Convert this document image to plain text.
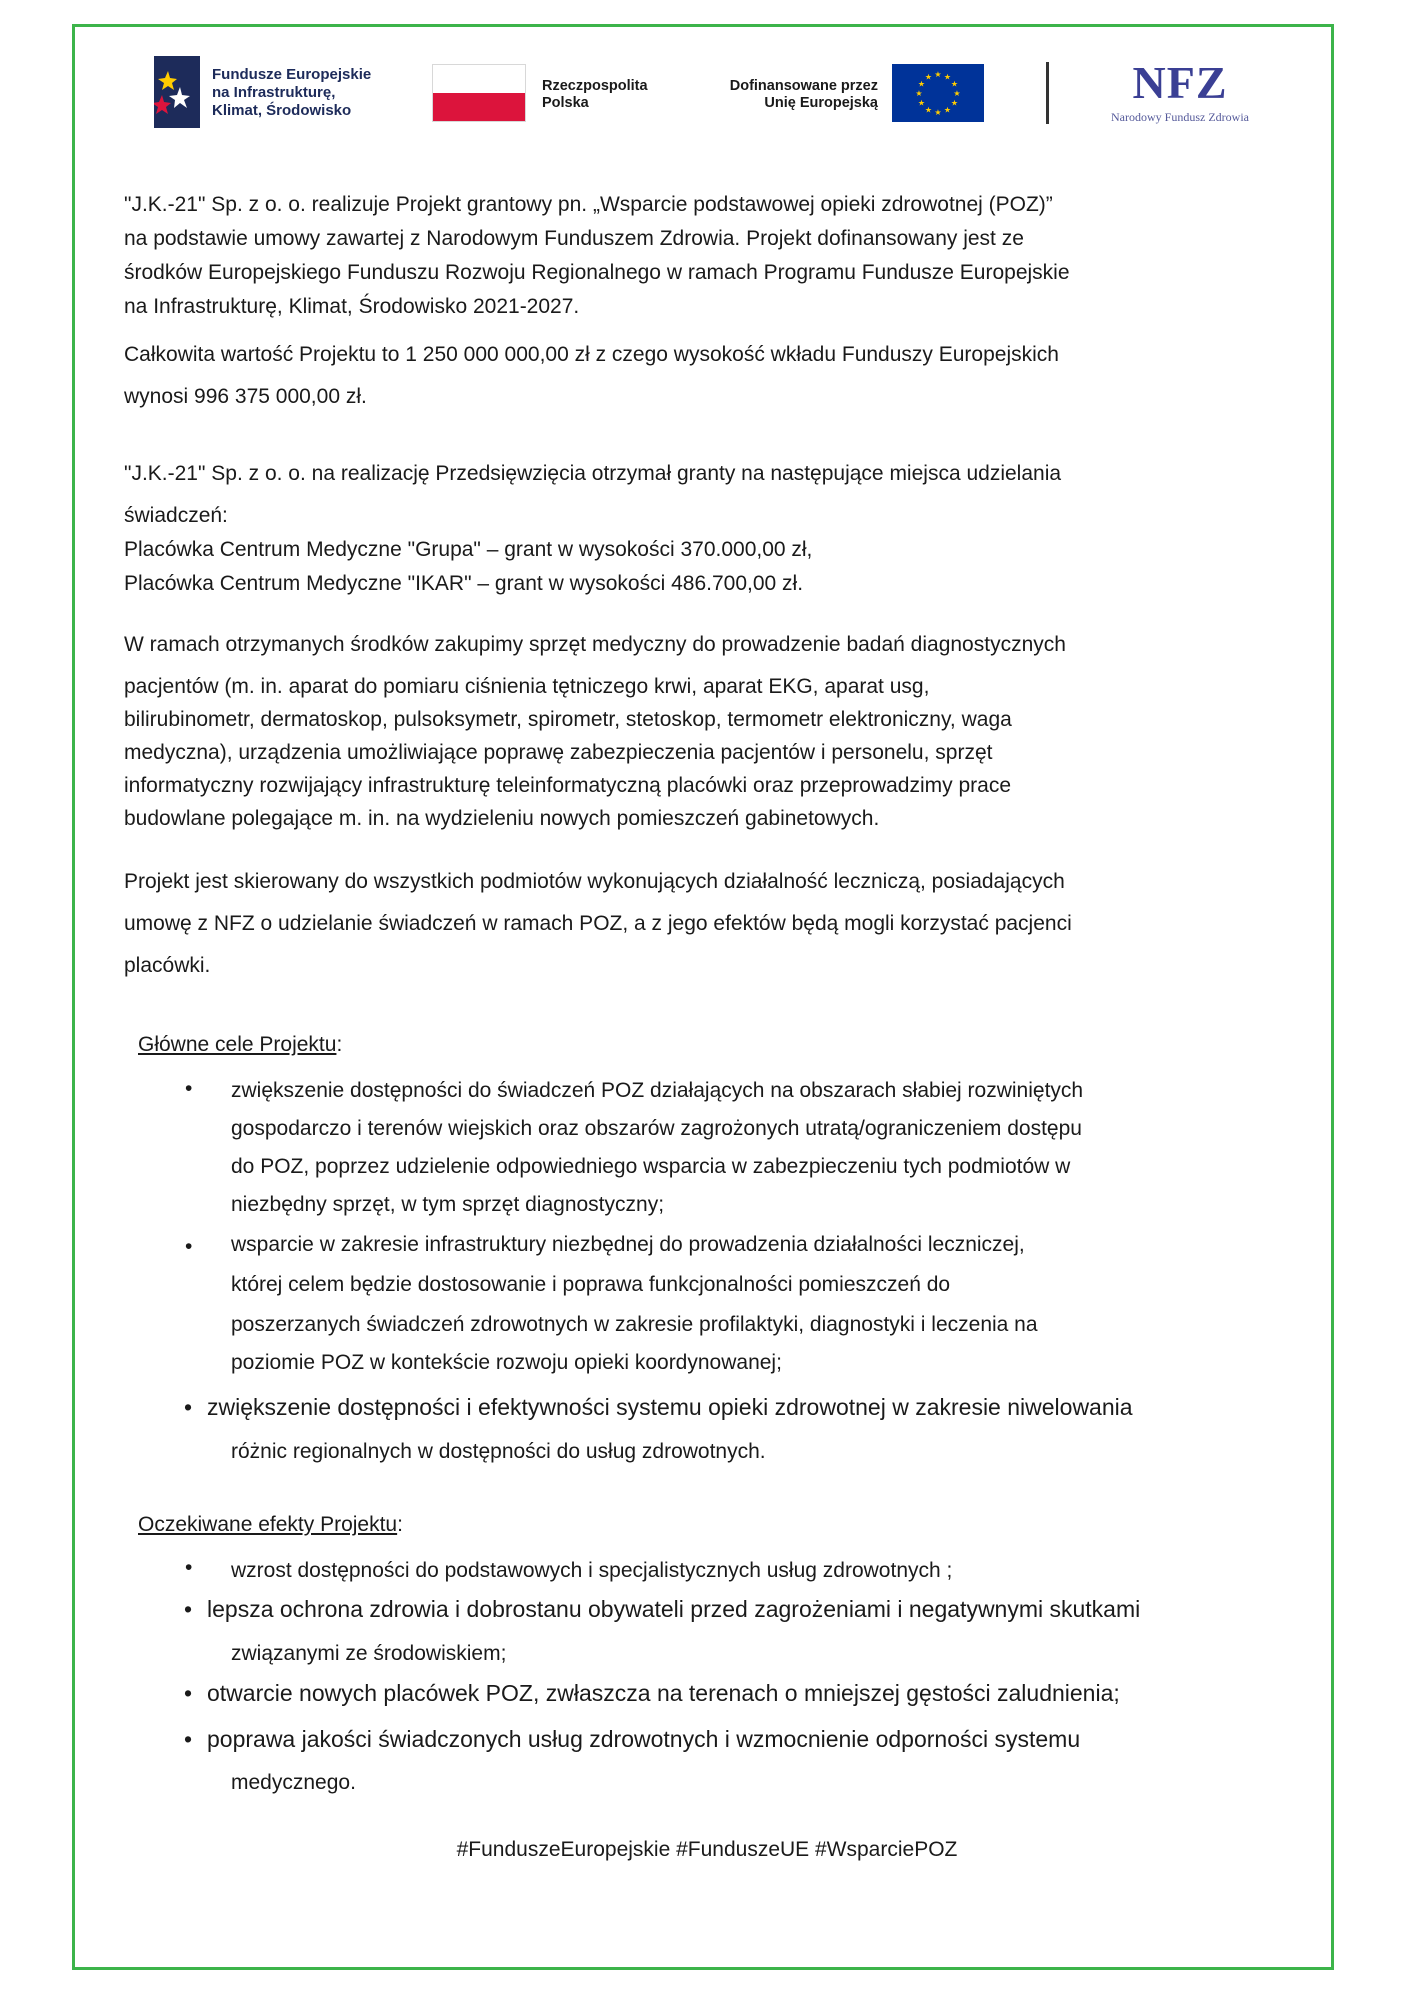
Fundusze Europejskie
na Infrastrukturę,
Klimat, Środowisko
Rzeczpospolita
Polska
Dofinansowane przez
Unię Europejską
★
★
★
★
★
★
★
★
★ ★ ★
★	NFZ
Narodowy Fundusz Zdrowia
"J.K.-21" Sp. z o. o. realizuje Projekt grantowy pn. „Wsparcie podstawowej opieki zdrowotnej (POZ)”
na podstawie umowy zawartej z Narodowym Funduszem Zdrowia. Projekt dofinansowany jest ze
środków Europejskiego Funduszu Rozwoju Regionalnego w ramach Programu Fundusze Europejskie
na Infrastrukturę, Klimat, Środowisko 2021-2027.
Całkowita wartość Projektu to 1 250 000 000,00 zł z czego wysokość wkładu Funduszy Europejskich
wynosi 996 375 000,00 zł.
"J.K.-21" Sp. z o. o. na realizację Przedsięwzięcia otrzymał granty na następujące miejsca udzielania
świadczeń:
Placówka Centrum Medyczne "Grupa" – grant w wysokości 370.000,00 zł,
Placówka Centrum Medyczne "IKAR" – grant w wysokości 486.700,00 zł.
W ramach otrzymanych środków zakupimy sprzęt medyczny do prowadzenie badań diagnostycznych
pacjentów (m. in. aparat do pomiaru ciśnienia tętniczego krwi, aparat EKG, aparat usg,
bilirubinometr, dermatoskop, pulsoksymetr, spirometr, stetoskop, termometr elektroniczny, waga
medyczna), urządzenia umożliwiające poprawę zabezpieczenia pacjentów i personelu, sprzęt
informatyczny rozwijający infrastrukturę teleinformatyczną placówki oraz przeprowadzimy prace
budowlane polegające m. in. na wydzieleniu nowych pomieszczeń gabinetowych.
Projekt jest skierowany do wszystkich podmiotów wykonujących działalność leczniczą, posiadających
umowę z NFZ o udzielanie świadczeń w ramach POZ, a z jego efektów będą mogli korzystać pacjenci
placówki.
Główne cele Projektu:
• zwiększenie dostępności do świadczeń POZ działających na obszarach słabiej rozwiniętych
gospodarczo i terenów wiejskich oraz obszarów zagrożonych utratą/ograniczeniem dostępu
do POZ, poprzez udzielenie odpowiedniego wsparcia w zabezpieczeniu tych podmiotów w
niezbędny sprzęt, w tym sprzęt diagnostyczny;
• wsparcie w zakresie infrastruktury niezbędnej do prowadzenia działalności leczniczej,
której celem będzie dostosowanie i poprawa funkcjonalności pomieszczeń do
poszerzanych świadczeń zdrowotnych w zakresie profilaktyki, diagnostyki i leczenia na
poziomie POZ w kontekście rozwoju opieki koordynowanej;
• zwiększenie dostępności i efektywności systemu opieki zdrowotnej w zakresie niwelowania
różnic regionalnych w dostępności do usług zdrowotnych.
Oczekiwane efekty Projektu:
• wzrost dostępności do podstawowych i specjalistycznych usług zdrowotnych ;
• lepsza ochrona zdrowia i dobrostanu obywateli przed zagrożeniami i negatywnymi skutkami
związanymi ze środowiskiem;
• otwarcie nowych placówek POZ, zwłaszcza na terenach o mniejszej gęstości zaludnienia;
• poprawa jakości świadczonych usług zdrowotnych i wzmocnienie odporności systemu
medycznego.
#FunduszeEuropejskie #FunduszeUE #WsparciePOZ
